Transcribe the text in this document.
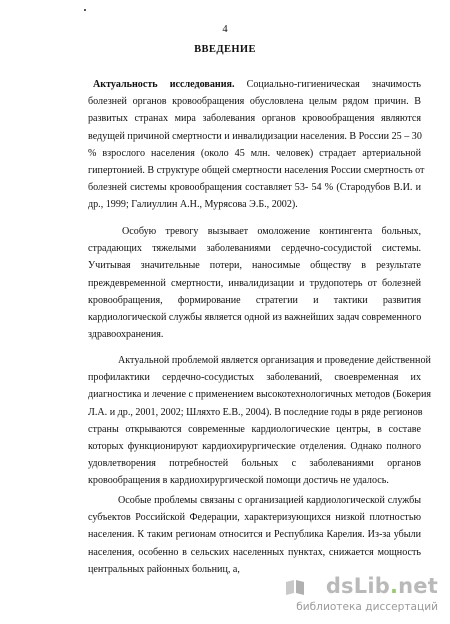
4
ВВЕДЕНИЕ
Актуальность исследования. Социально-гигиеническая значимость
болезней органов кровообращения обусловлена целым рядом причин. В
развитых странах мира заболевания органов кровообращения являются
ведущей причиной смертности и инвалидизации населения. В России 25 – 30
% взрослого населения (около 45 млн. человек) страдает артериальной
гипертонией. В структуре общей смертности населения России смертность от
болезней системы кровообращения составляет 53- 54 % (Стародубов В.И. и
др., 1999; Галиуллин А.Н., Мурясова Э.Б., 2002).
Особую тревогу вызывает омоложение контингента больных,
страдающих тяжелыми заболеваниями сердечно-сосудистой системы.
Учитывая значительные потери, наносимые обществу в результате
преждевременной смертности, инвалидизации и трудопотерь от болезней
кровообращения, формирование стратегии и тактики развития
кардиологической службы является одной из важнейших задач современного
здравоохранения.
Актуальной проблемой является организация и проведение действенной
профилактики сердечно-сосудистых заболеваний, своевременная их
диагностика и лечение с применением высокотехнологичных методов (Бокерия
Л.А. и др., 2001, 2002; Шляхто Е.В., 2004). В последние годы в ряде регионов
страны открываются современные кардиологические центры, в составе
которых функционируют кардиохирургические отделения. Однако полного
удовлетворения потребностей больных с заболеваниями органов
кровообращения в кардиохирургической помощи достичь не удалось.
Особые проблемы связаны с организацией кардиологической службы
субъектов Российской Федерации, характеризующихся низкой плотностью
населения. К таким регионам относится и Республика Карелия. Из-за убыли
населения, особенно в сельских населенных пунктах, снижается мощность
центральных районных больниц, а,
dsLib.net
библиотека диссертаций
